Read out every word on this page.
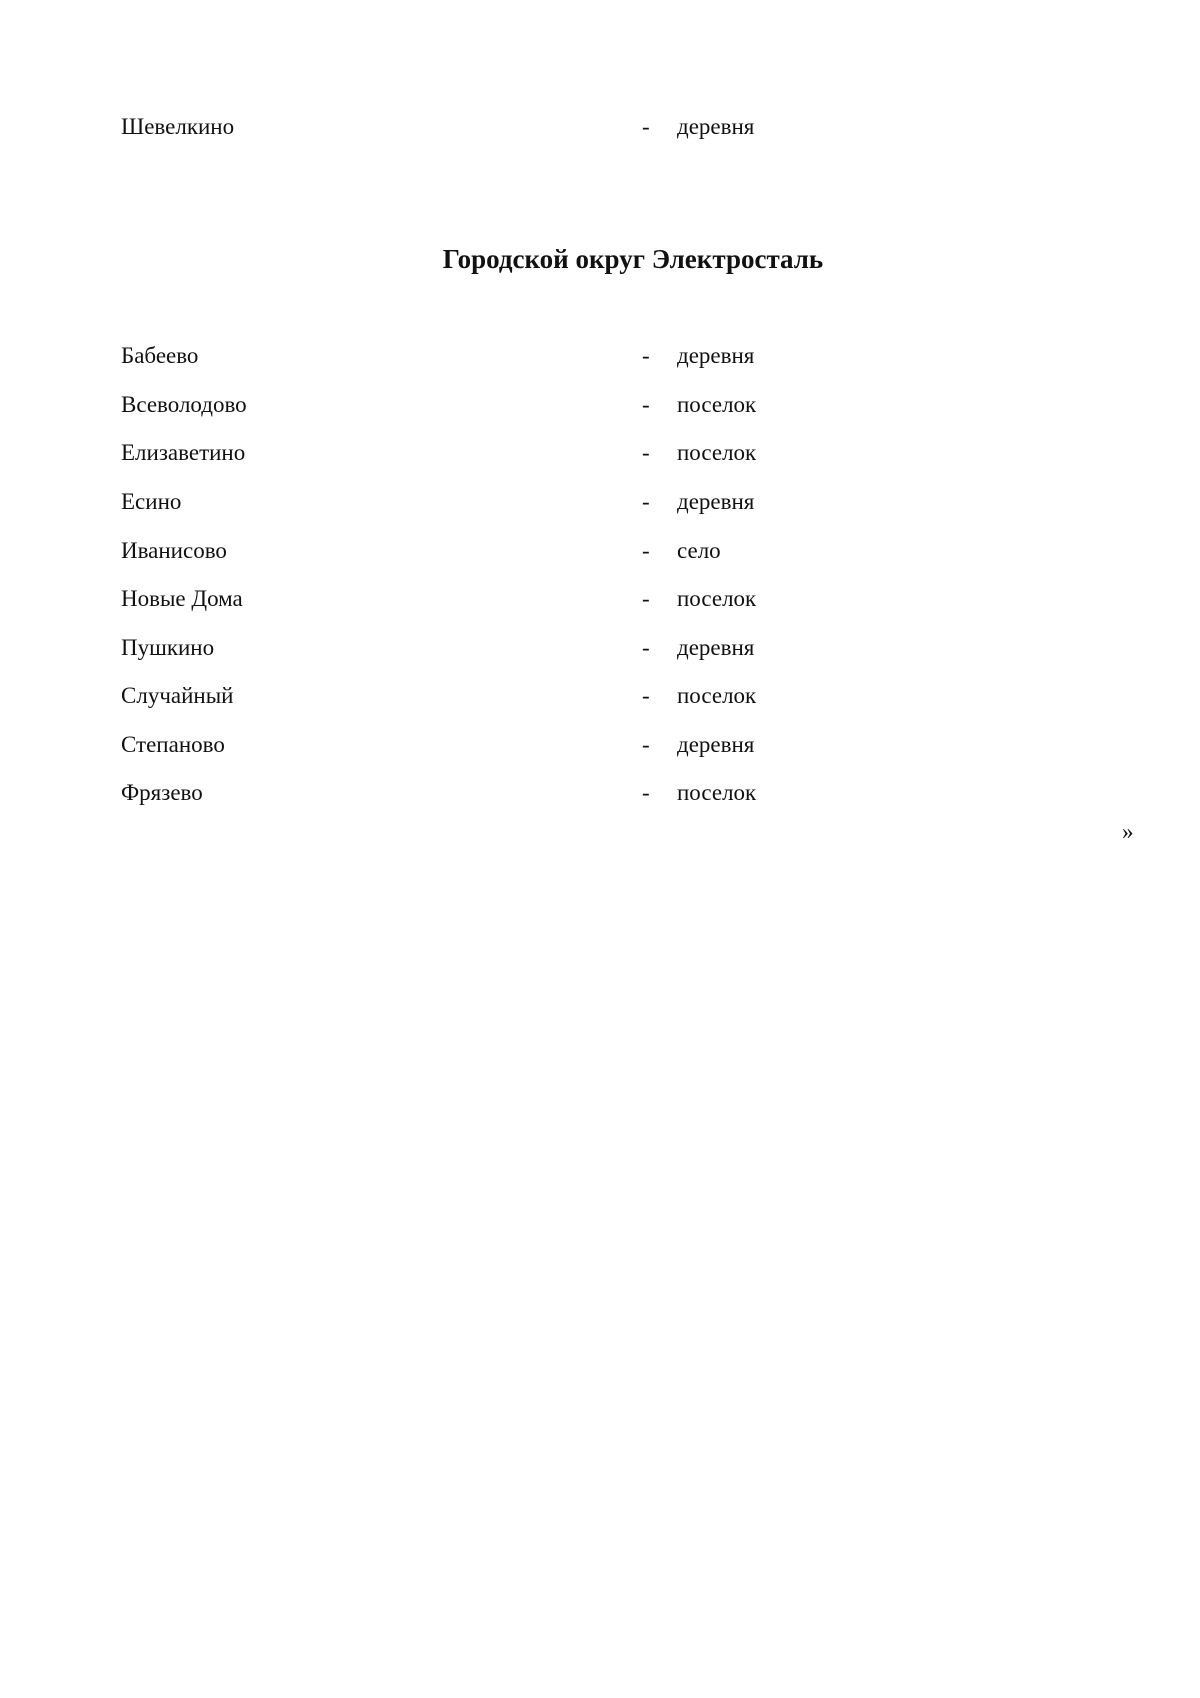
Шевелкино	- деревня
Городской округ Электросталь
Бабеево	- деревня
Всеволодово	- поселок
Елизаветино	- поселок
Есино	- деревня
Иванисово	- село
Новые Дома	- поселок
Пушкино	- деревня
Случайный	- поселок
Степаново	- деревня
Фрязево	- поселок
»
